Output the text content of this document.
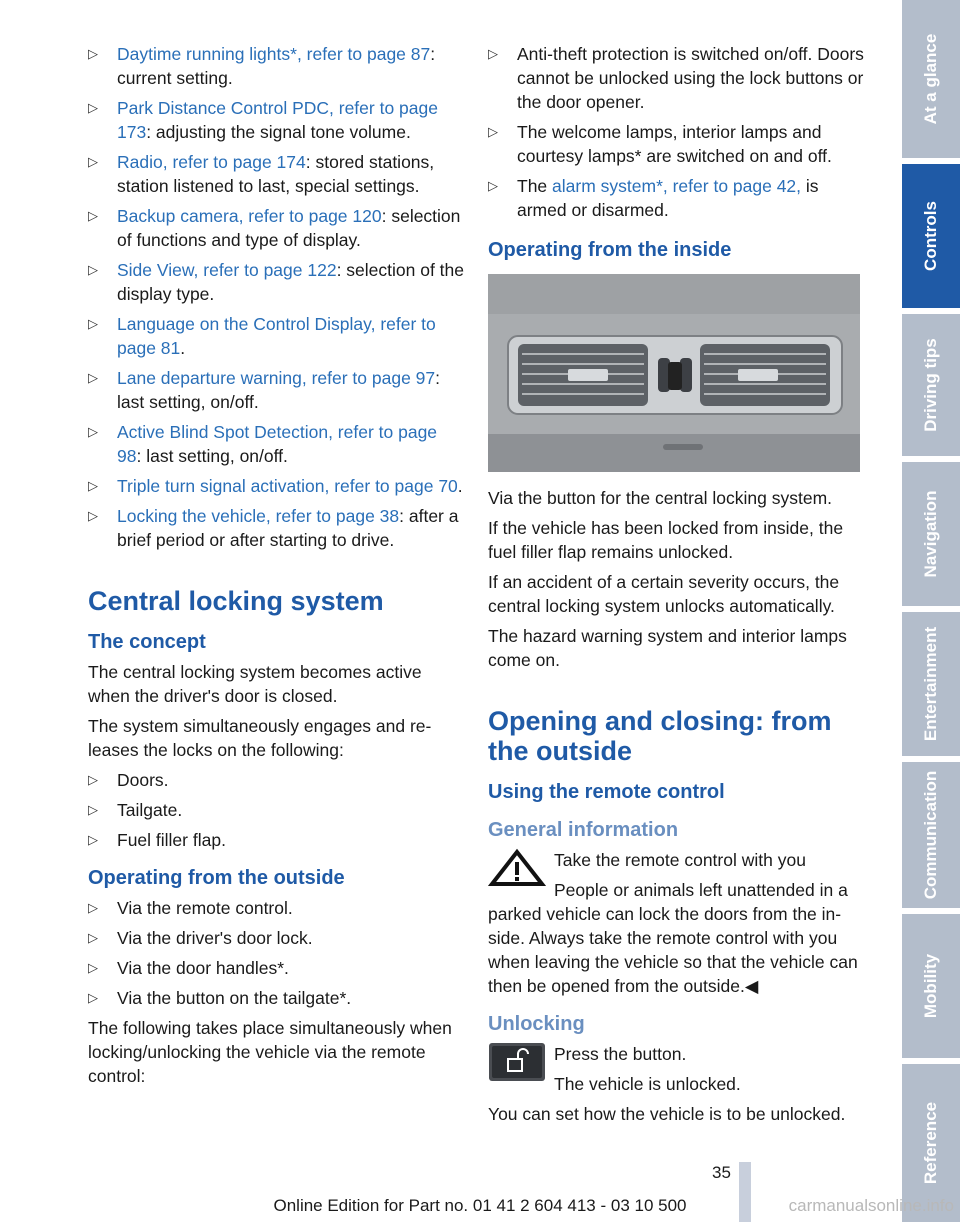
▷ Daytime running lights*, refer to page 87: current setting.
▷ Park Distance Control PDC, refer to page 173: adjusting the signal tone volume.
▷ Radio, refer to page 174: stored stations, station listened to last, special settings.
▷ Backup camera, refer to page 120: selection of functions and type of display.
▷ Side View, refer to page 122: selection of the display type.
▷ Language on the Control Display, refer to page 81.
▷ Lane departure warning, refer to page 97: last setting, on/off.
▷ Active Blind Spot Detection, refer to page 98: last setting, on/off.
▷ Triple turn signal activation, refer to page 70.
▷ Locking the vehicle, refer to page 38: after a brief period or after starting to drive.
Central locking system
The concept

The central locking system becomes active when the driver's door is closed.

The system simultaneously engages and releases the locks on the following:

▷ Doors.
▷ Tailgate.
▷ Fuel filler flap.
Operating from the outside
▷ Via the remote control.
▷ Via the driver's door lock.
▷ Via the door handles*.
▷ Via the button on the tailgate*.

The following takes place simultaneously when locking/unlocking the vehicle via the remote control:

▷ Anti-theft protection is switched on/off. Doors cannot be unlocked using the lock buttons or the door opener.
▷ The welcome lamps, interior lamps and courtesy lamps* are switched on and off.
▷ The alarm system*, refer to page 42, is armed or disarmed.
Operating from the inside

Via the button for the central locking system.

If the vehicle has been locked from inside, the fuel filler flap remains unlocked.

If an accident of a certain severity occurs, the central locking system unlocks automatically.

The hazard warning system and interior lamps come on.

Opening and closing: from the outside
Using the remote control
General information

Take the remote control with you

People or animals left unattended in a parked vehicle can lock the doors from the inside. Always take the remote control with you when leaving the vehicle so that the vehicle can then be opened from the outside.◀

Unlocking

Press the button.

The vehicle is unlocked.

You can set how the vehicle is to be unlocked.

At a glance
Controls
Driving tips
Navigation
Entertainment
Communication
Mobility
Reference
35
Online Edition for Part no. 01 41 2 604 413 - 03 10 500	carmanualsonline.info
